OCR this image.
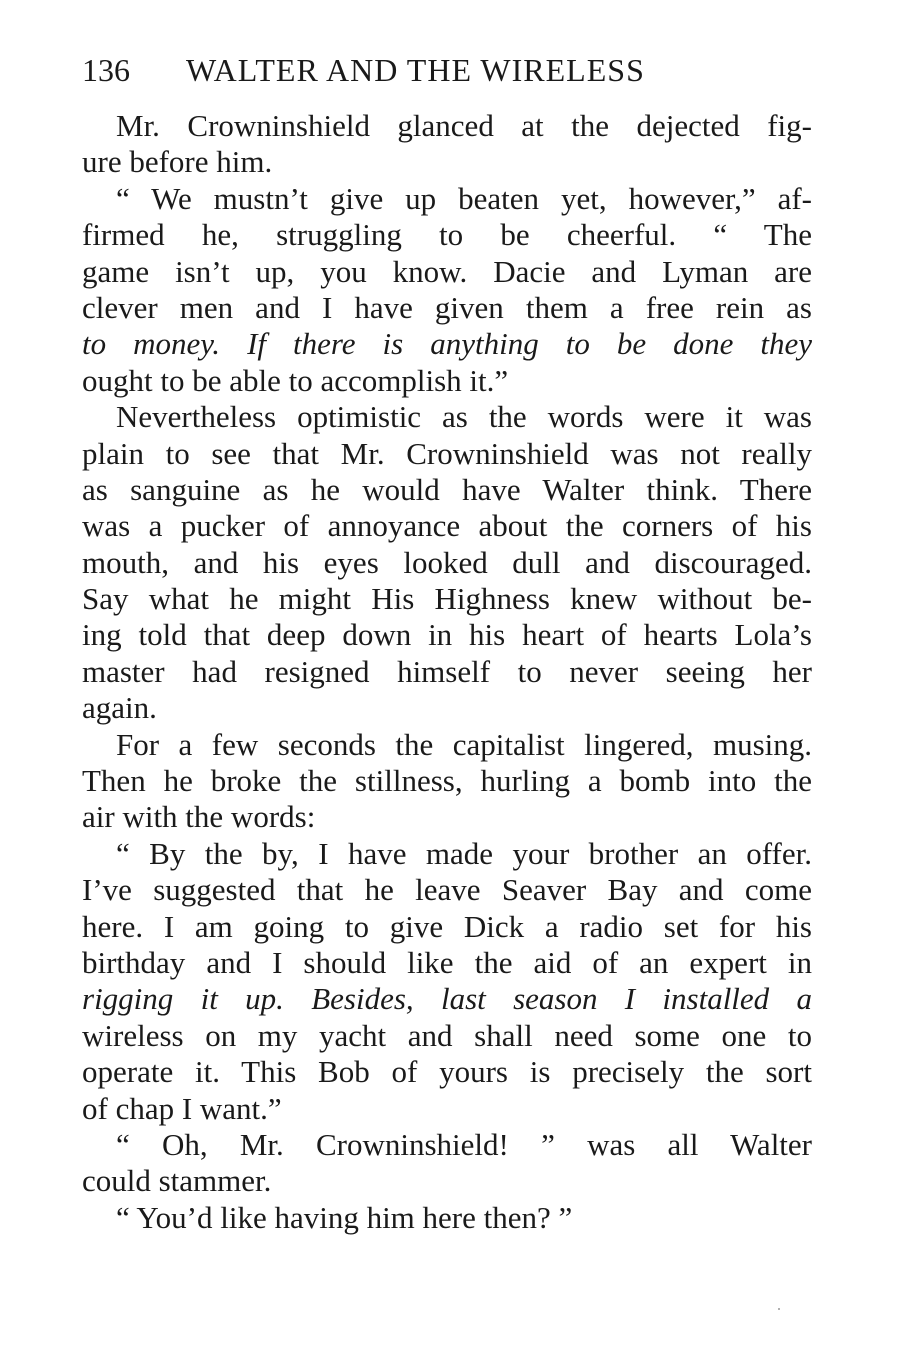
136 WALTER AND THE WIRELESS
Mr. Crowninshield glanced at the dejected fig-
ure before him.
“ We mustn’t give up beaten yet, however,” af-
firmed he, struggling to be cheerful. “ The
game isn’t up, you know. Dacie and Lyman are
clever men and I have given them a free rein as
to money. If there is anything to be done they
ought to be able to accomplish it.”
Nevertheless optimistic as the words were it was
plain to see that Mr. Crowninshield was not really
as sanguine as he would have Walter think. There
was a pucker of annoyance about the corners of his
mouth, and his eyes looked dull and discouraged.
Say what he might His Highness knew without be-
ing told that deep down in his heart of hearts Lola’s
master had resigned himself to never seeing her
again.
For a few seconds the capitalist lingered, musing.
Then he broke the stillness, hurling a bomb into the
air with the words:
“ By the by, I have made your brother an offer.
I’ve suggested that he leave Seaver Bay and come
here. I am going to give Dick a radio set for his
birthday and I should like the aid of an expert in
rigging it up. Besides, last season I installed a
wireless on my yacht and shall need some one to
operate it. This Bob of yours is precisely the sort
of chap I want.”
“ Oh, Mr. Crowninshield! ” was all Walter
could stammer.
“ You’d like having him here then? ”
